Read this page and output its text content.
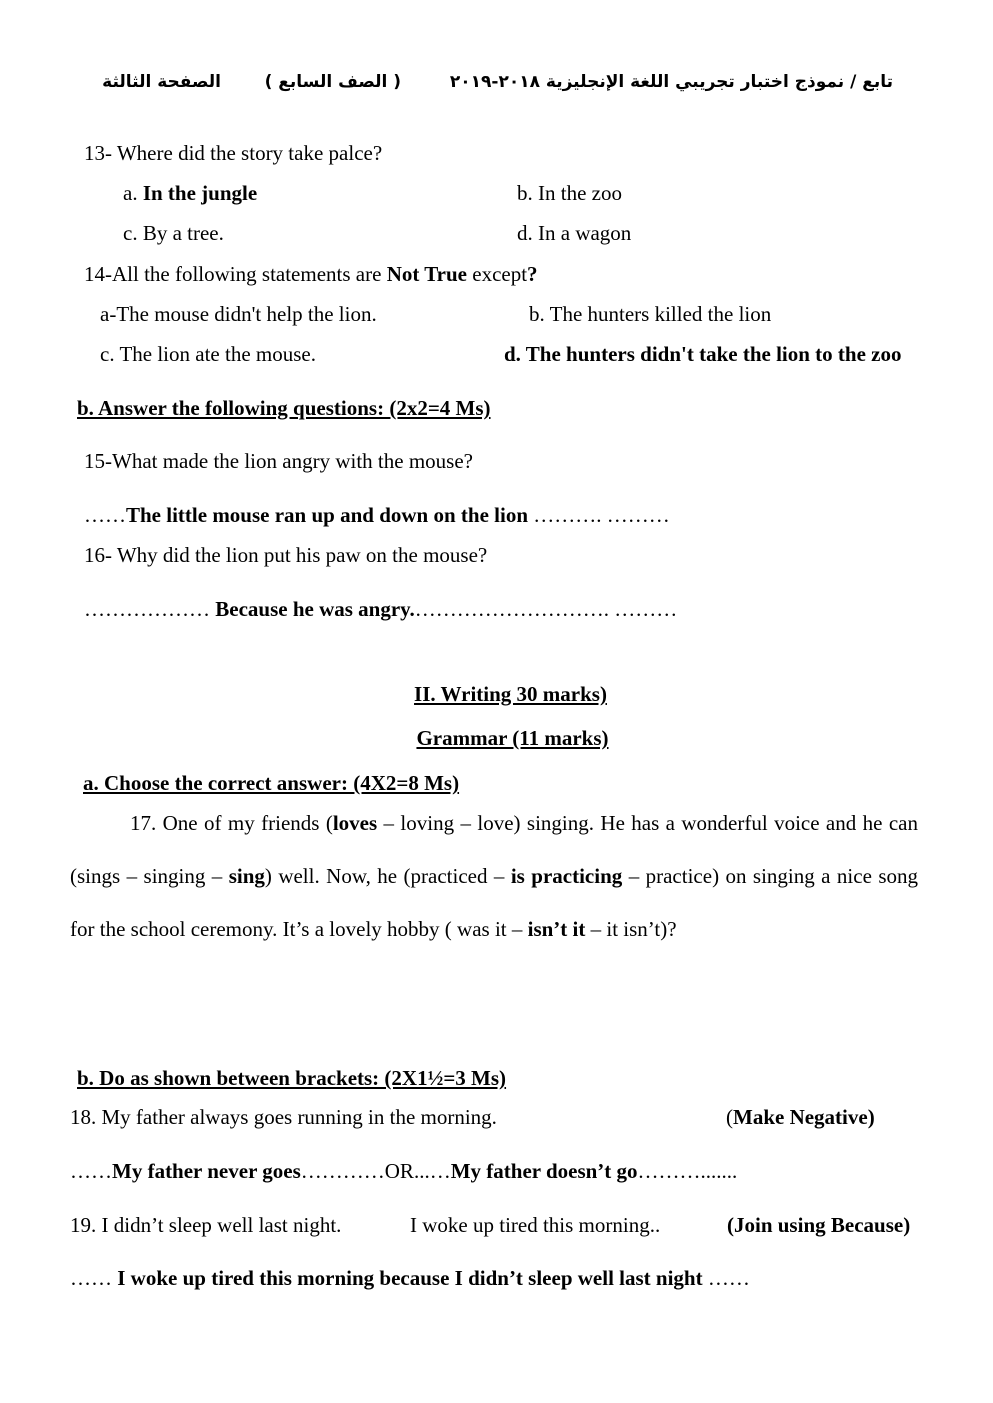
تابع / نموذج اختبار تجريبي اللغة الإنجليزية ٢٠١٨-٢٠١٩
( الصف السابع )
الصفحة الثالثة
13- Where did the story take palce?
a. In the jungle	b. In the zoo
c. By a tree.	d. In a wagon
14-All the following statements are Not True except?
a-The mouse didn't help the lion.	b. The hunters killed the lion
c. The lion ate the mouse.	d. The hunters didn't take the lion to the zoo
b. Answer the following questions: (2x2=4 Ms)
15-What made the lion angry with the mouse?
……The little mouse ran up and down on the lion ………. ………
16- Why did the lion put his paw on the mouse?
……………… Because he was angry.………………………. ………
II. Writing 30 marks)
Grammar (11 marks)
a. Choose the correct answer: (4X2=8 Ms)
17. One of my friends (loves – loving – love) singing. He has a wonderful voice and he can (sings – singing – sing) well. Now, he (practiced – is practicing – practice) on singing a nice song for the school ceremony. It’s a lovely hobby ( was it – isn’t it – it isn’t)?
b. Do as shown between brackets: (2X1½=3 Ms)
18. My father always goes running in the morning.	(Make Negative)
……My father never goes…………OR...…My father doesn’t go……….......
19. I didn’t sleep well last night.	I woke up tired this morning..	(Join using Because)
…… I woke up tired this morning because I didn’t sleep well last night ……
